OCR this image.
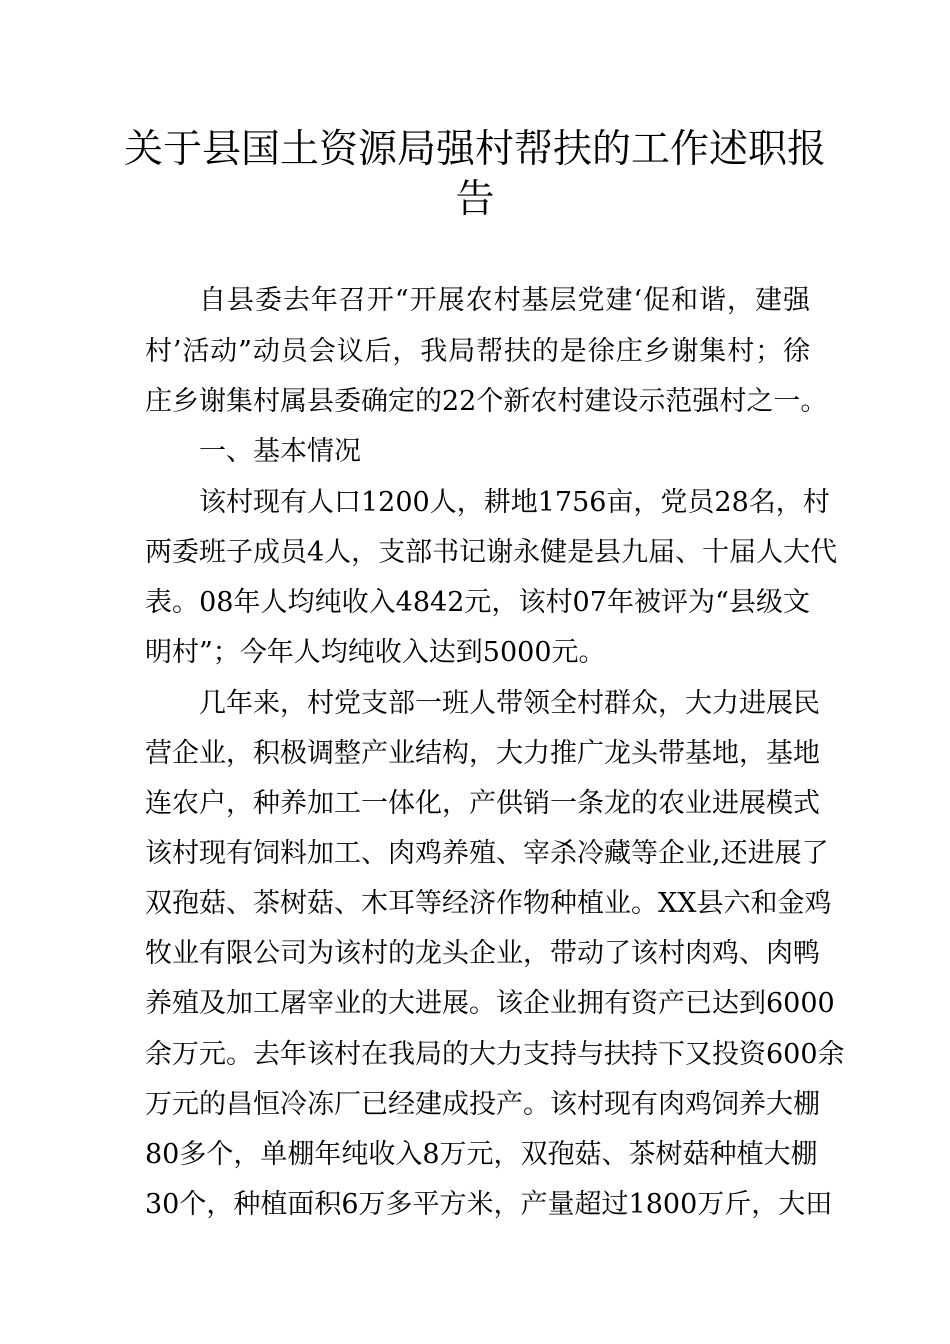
关于县国土资源局强村帮扶的工作述职报
告
自县委去年召开“开展农村基层党建‘促和谐，建强
村’活动”动员会议后，我局帮扶的是徐庄乡谢集村；徐
庄乡谢集村属县委确定的22个新农村建设示范强村之一。
一、基本情况
该村现有人口1200人，耕地1756亩，党员28名，村
两委班子成员4人，支部书记谢永健是县九届、十届人大代
表。08年人均纯收入4842元，该村07年被评为“县级文
明村”；今年人均纯收入达到5000元。
几年来，村党支部一班人带领全村群众，大力进展民
营企业，积极调整产业结构，大力推广龙头带基地，基地
连农户，种养加工一体化，产供销一条龙的农业进展模式
该村现有饲料加工、肉鸡养殖、宰杀冷藏等企业,还进展了
双孢菇、茶树菇、木耳等经济作物种植业。XX县六和金鸡
牧业有限公司为该村的龙头企业，带动了该村肉鸡、肉鸭
养殖及加工屠宰业的大进展。该企业拥有资产已达到6000
余万元。去年该村在我局的大力支持与扶持下又投资600余
万元的昌恒冷冻厂已经建成投产。该村现有肉鸡饲养大棚
80多个，单棚年纯收入8万元，双孢菇、茶树菇种植大棚
30个，种植面积6万多平方米，产量超过1800万斤，大田
